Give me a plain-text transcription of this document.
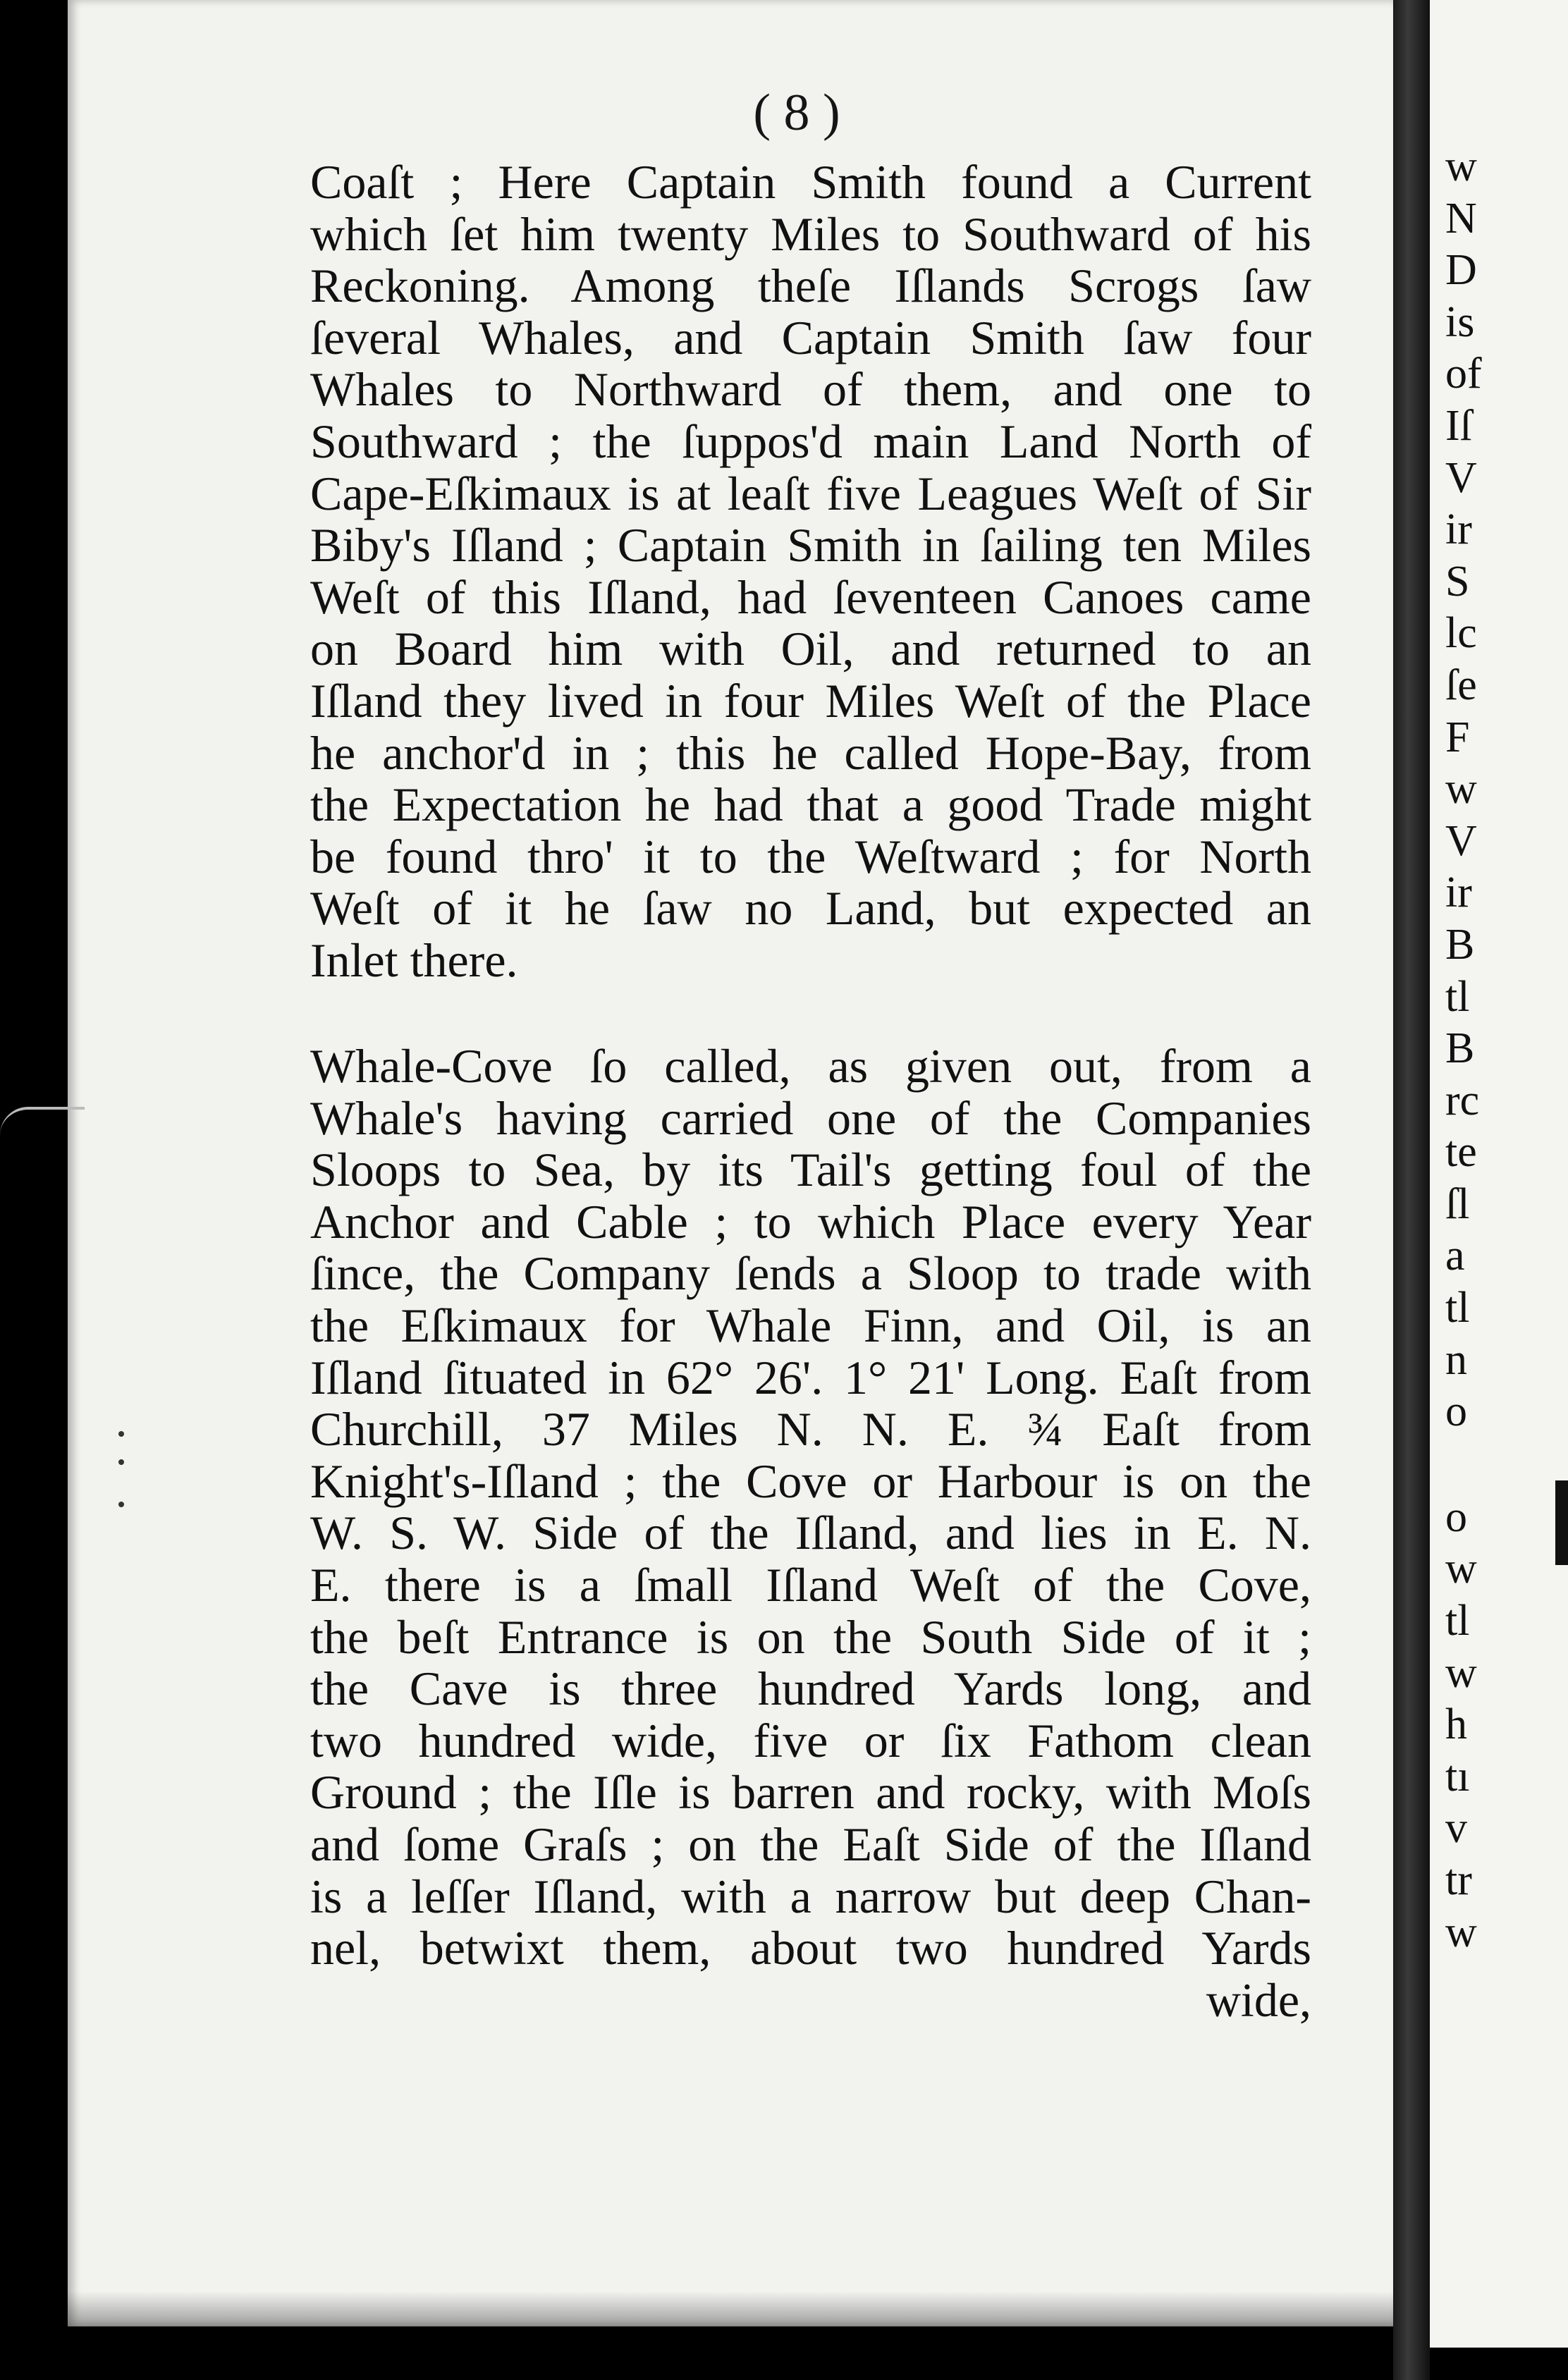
( 8 )
Coaſt ; Here Captain Smith found a Current
which ſet him twenty Miles to Southward of his
Reckoning. Among theſe Iſlands Scrogs ſaw
ſeveral Whales, and Captain Smith ſaw four
Whales to Northward of them, and one to
Southward ; the ſuppos'd main Land North of
Cape-Eſkimaux is at leaſt five Leagues Weſt of Sir
Biby's Iſland ; Captain Smith in ſailing ten Miles
Weſt of this Iſland, had ſeventeen Canoes came
on Board him with Oil, and returned to an
Iſland they lived in four Miles Weſt of the Place
he anchor'd in ; this he called Hope-Bay, from
the Expectation he had that a good Trade might
be found thro' it to the Weſtward ; for North
Weſt of it he ſaw no Land, but expected an
Inlet there.
Whale-Cove ſo called, as given out, from a
Whale's having carried one of the Companies
Sloops to Sea, by its Tail's getting foul of the
Anchor and Cable ; to which Place every Year
ſince, the Company ſends a Sloop to trade with
the Eſkimaux for Whale Finn, and Oil, is an
Iſland ſituated in 62° 26'. 1° 21' Long. Eaſt from
Churchill, 37 Miles N. N. E. ¾ Eaſt from
Knight's-Iſland ; the Cove or Harbour is on the
W. S. W. Side of the Iſland, and lies in E. N.
E. there is a ſmall Iſland Weſt of the Cove,
the beſt Entrance is on the South Side of it ;
the Cave is three hundred Yards long, and
two hundred wide, five or ſix Fathom clean
Ground ; the Iſle is barren and rocky, with Moſs
and ſome Graſs ; on the Eaſt Side of the Iſland
is a leſſer Iſland, with a narrow but deep Chan-
nel, betwixt them, about two hundred Yards
wide,
w
N
D
is
of
Iſ
V
ir
S
lc
ſe
F
w
V
ir
B
tl
B
rc
te
ſl
a
tl
n
o
o
w
tl
w
h
tı
v
tr
w
